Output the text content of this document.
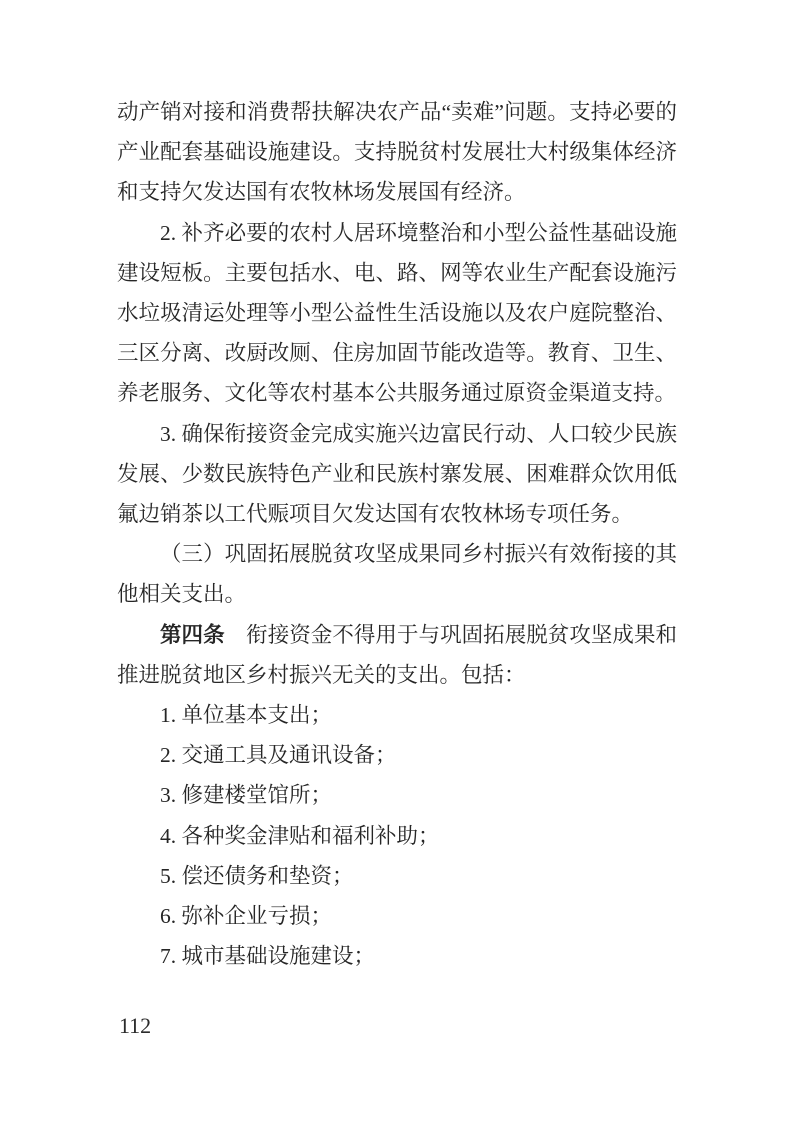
动产销对接和消费帮扶解决农产品“卖难”问题。支持必要的产业配套基础设施建设。支持脱贫村发展壮大村级集体经济和支持欠发达国有农牧林场发展国有经济。

2. 补齐必要的农村人居环境整治和小型公益性基础设施建设短板。主要包括水、电、路、网等农业生产配套设施污水垃圾清运处理等小型公益性生活设施以及农户庭院整治、三区分离、改厨改厕、住房加固节能改造等。教育、卫生、养老服务、文化等农村基本公共服务通过原资金渠道支持。

3. 确保衔接资金完成实施兴边富民行动、人口较少民族发展、少数民族特色产业和民族村寨发展、困难群众饮用低氟边销茶以工代赈项目欠发达国有农牧林场专项任务。

（三）巩固拓展脱贫攻坚成果同乡村振兴有效衔接的其他相关支出。

第四条　衔接资金不得用于与巩固拓展脱贫攻坚成果和推进脱贫地区乡村振兴无关的支出。包括：

1. 单位基本支出；

2. 交通工具及通讯设备；

3. 修建楼堂馆所；

4. 各种奖金津贴和福利补助；

5. 偿还债务和垫资；

6. 弥补企业亏损；

7. 城市基础设施建设；

112
